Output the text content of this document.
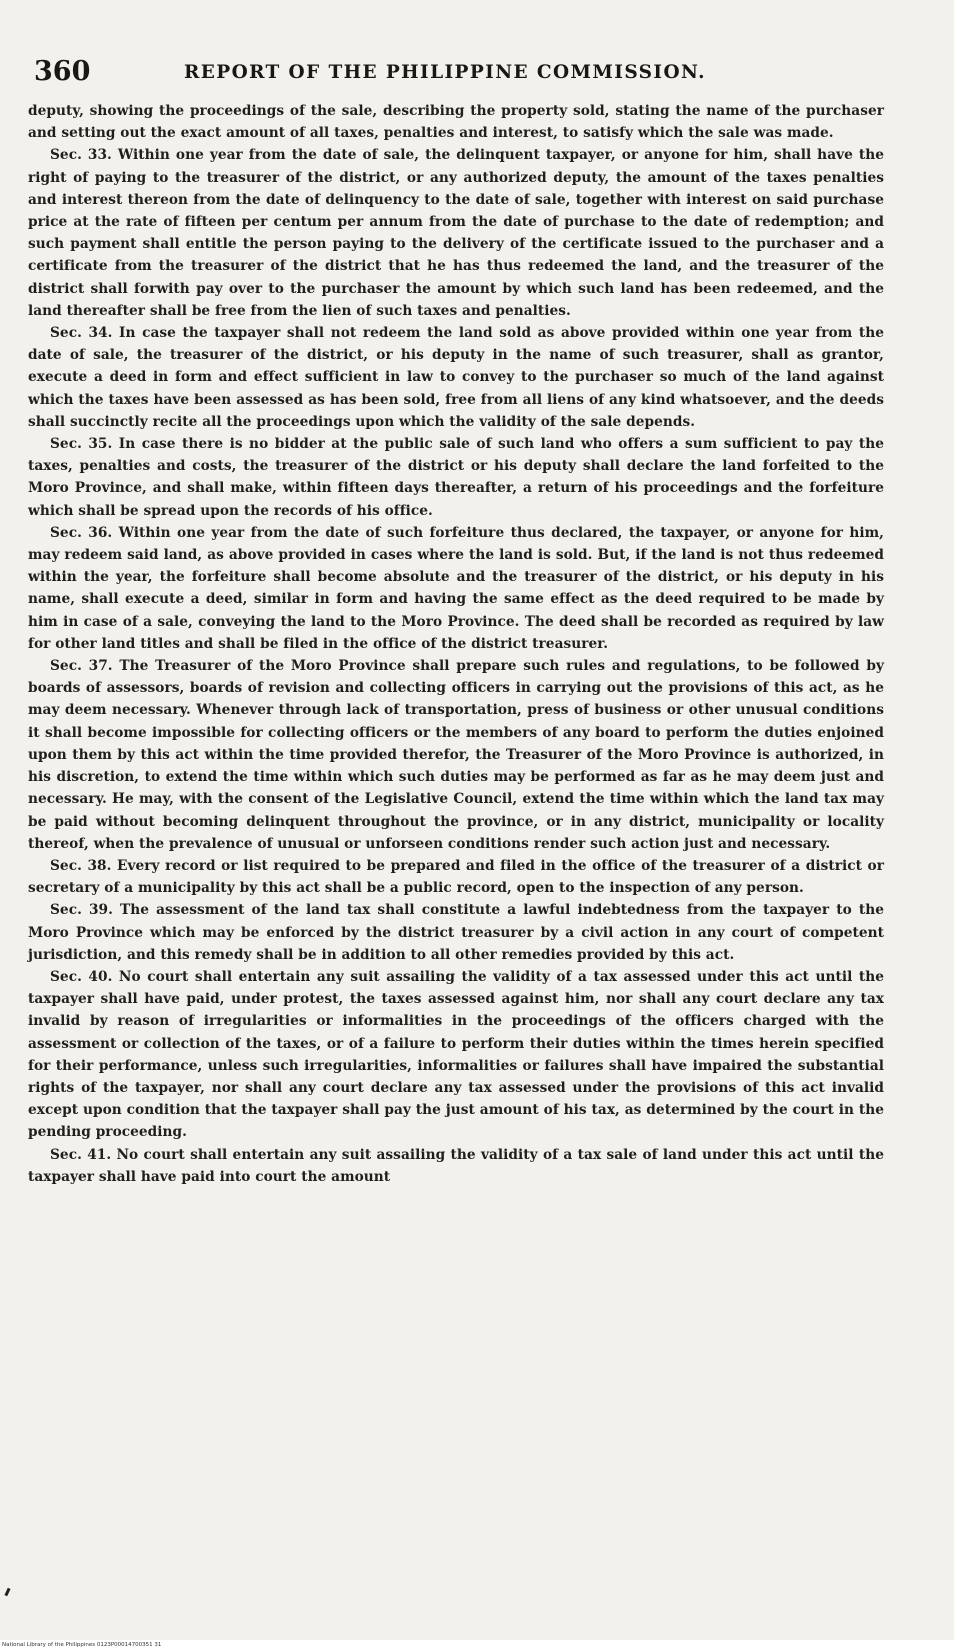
360	REPORT OF THE PHILIPPINE COMMISSION.

deputy, showing the proceedings of the sale, describing the property sold, stating the name of the purchaser and setting out the exact amount of all taxes, penalties and interest, to satisfy which the sale was made.

Sec. 33. Within one year from the date of sale, the delinquent taxpayer, or anyone for him, shall have the right of paying to the treasurer of the district, or any authorized deputy, the amount of the taxes penalties and interest thereon from the date of delinquency to the date of sale, together with interest on said purchase price at the rate of fifteen per centum per annum from the date of purchase to the date of redemption; and such payment shall entitle the person paying to the delivery of the certificate issued to the purchaser and a certificate from the treasurer of the district that he has thus redeemed the land, and the treasurer of the district shall forwith pay over to the purchaser the amount by which such land has been redeemed, and the land thereafter shall be free from the lien of such taxes and penalties.

Sec. 34. In case the taxpayer shall not redeem the land sold as above provided within one year from the date of sale, the treasurer of the district, or his deputy in the name of such treasurer, shall as grantor, execute a deed in form and effect sufficient in law to convey to the purchaser so much of the land against which the taxes have been assessed as has been sold, free from all liens of any kind whatsoever, and the deeds shall succinctly recite all the proceedings upon which the validity of the sale depends.

Sec. 35. In case there is no bidder at the public sale of such land who offers a sum sufficient to pay the taxes, penalties and costs, the treasurer of the district or his deputy shall declare the land forfeited to the Moro Province, and shall make, within fifteen days thereafter, a return of his proceedings and the forfeiture which shall be spread upon the records of his office.

Sec. 36. Within one year from the date of such forfeiture thus declared, the taxpayer, or anyone for him, may redeem said land, as above provided in cases where the land is sold. But, if the land is not thus redeemed within the year, the forfeiture shall become absolute and the treasurer of the district, or his deputy in his name, shall execute a deed, similar in form and having the same effect as the deed required to be made by him in case of a sale, conveying the land to the Moro Province. The deed shall be recorded as required by law for other land titles and shall be filed in the office of the district treasurer.

Sec. 37. The Treasurer of the Moro Province shall prepare such rules and regulations, to be followed by boards of assessors, boards of revision and collecting officers in carrying out the provisions of this act, as he may deem necessary. Whenever through lack of transportation, press of business or other unusual conditions it shall become impossible for collecting officers or the members of any board to perform the duties enjoined upon them by this act within the time provided therefor, the Treasurer of the Moro Province is authorized, in his discretion, to extend the time within which such duties may be performed as far as he may deem just and necessary. He may, with the consent of the Legislative Council, extend the time within which the land tax may be paid without becoming delinquent throughout the province, or in any district, municipality or locality thereof, when the prevalence of unusual or unforseen conditions render such action just and necessary.

Sec. 38. Every record or list required to be prepared and filed in the office of the treasurer of a district or secretary of a municipality by this act shall be a public record, open to the inspection of any person.

Sec. 39. The assessment of the land tax shall constitute a lawful indebtedness from the taxpayer to the Moro Province which may be enforced by the district treasurer by a civil action in any court of competent jurisdiction, and this remedy shall be in addition to all other remedies provided by this act.

Sec. 40. No court shall entertain any suit assailing the validity of a tax assessed under this act until the taxpayer shall have paid, under protest, the taxes assessed against him, nor shall any court declare any tax invalid by reason of irregularities or informalities in the proceedings of the officers charged with the assessment or collection of the taxes, or of a failure to perform their duties within the times herein specified for their performance, unless such irregularities, informalities or failures shall have impaired the substantial rights of the taxpayer, nor shall any court declare any tax assessed under the provisions of this act invalid except upon condition that the taxpayer shall pay the just amount of his tax, as determined by the court in the pending proceeding.

Sec. 41. No court shall entertain any suit assailing the validity of a tax sale of land under this act until the taxpayer shall have paid into court the amount

National Library of the Philippines 0123P00014700351 31
